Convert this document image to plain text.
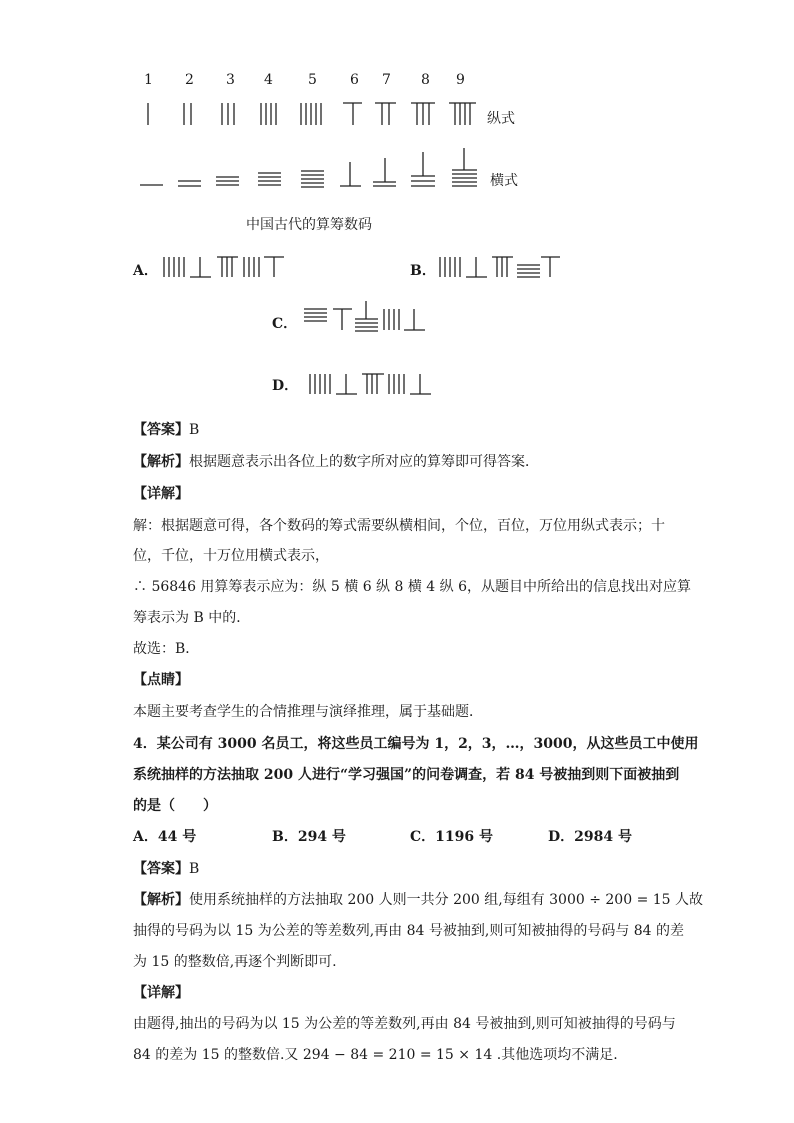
1 2 3 4	5 6 7 8 9
纵式
横式
中国古代的算筹数码
A．	B．
C．
D．
【答案】B
【解析】根据题意表示出各位上的数字所对应的算筹即可得答案．
【详解】
解：根据题意可得，各个数码的筹式需要纵横相间，个位，百位，万位用纵式表示；十
位，千位，十万位用横式表示，
∴ 56846 用算筹表示应为：纵 5 横 6 纵 8 横 4 纵 6，从题目中所给出的信息找出对应算
筹表示为 B 中的．
故选：B．
【点睛】
本题主要考查学生的合情推理与演绎推理，属于基础题．
4．某公司有 3000 名员工，将这些员工编号为 1，2，3，…，3000，从这些员工中使用
系统抽样的方法抽取 200 人进行“学习强国”的问卷调查，若 84 号被抽到则下面被抽到
的是（　　）
A．44 号	B．294 号	C．1196 号	D．2984 号
【答案】B
【解析】使用系统抽样的方法抽取 200 人则一共分 200 组,每组有 3000 ÷ 200 = 15 人故
抽得的号码为以 15 为公差的等差数列,再由 84 号被抽到,则可知被抽得的号码与 84 的差
为 15 的整数倍,再逐个判断即可.
【详解】
由题得,抽出的号码为以 15 为公差的等差数列,再由 84 号被抽到,则可知被抽得的号码与
84 的差为 15 的整数倍.又 294 − 84 = 210 = 15 × 14 .其他选项均不满足.
